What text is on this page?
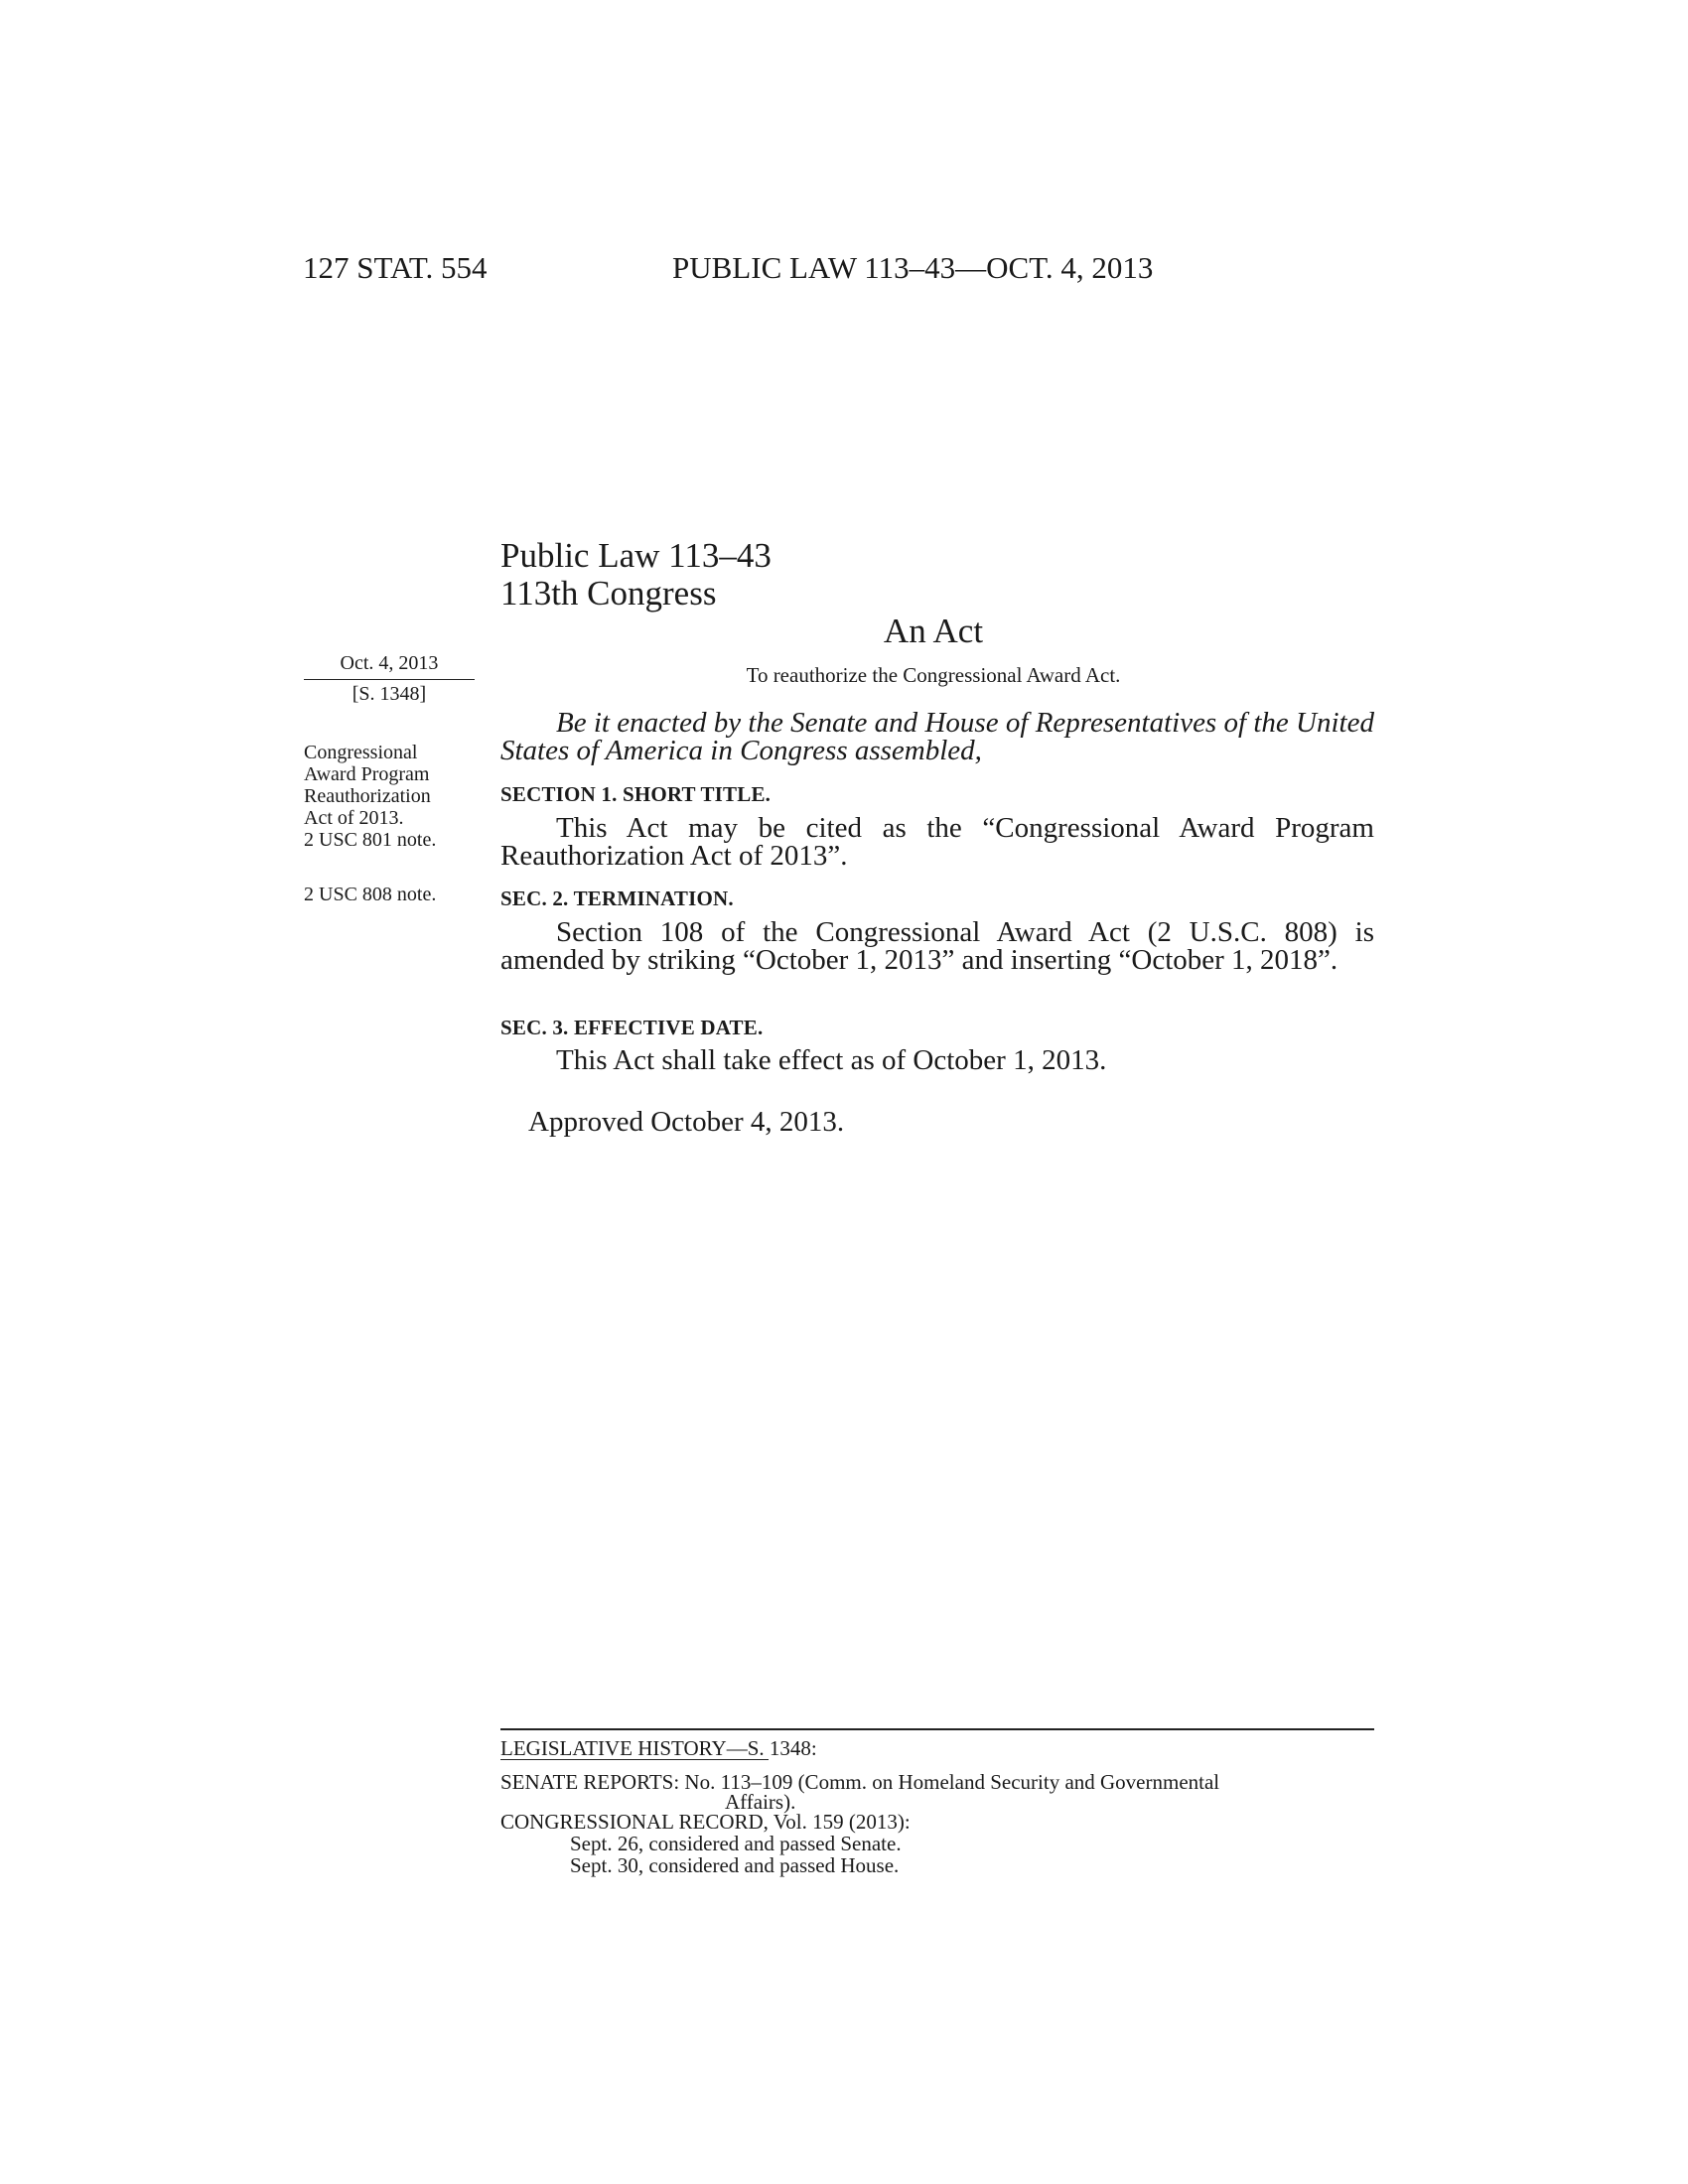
127 STAT. 554	PUBLIC LAW 113–43—OCT. 4, 2013
Public Law 113–43
113th Congress
An Act
To reauthorize the Congressional Award Act.
Oct. 4, 2013
[S. 1348]
Congressional
Award Program
Reauthorization
Act of 2013.
2 USC 801 note.
2 USC 808 note.
Be it enacted by the Senate and House of Representatives of the United States of America in Congress assembled,
SECTION 1. SHORT TITLE.
This Act may be cited as the “Congressional Award Program Reauthorization Act of 2013”.
SEC. 2. TERMINATION.
Section 108 of the Congressional Award Act (2 U.S.C. 808) is amended by striking “October 1, 2013” and inserting “October 1, 2018”.
SEC. 3. EFFECTIVE DATE.
This Act shall take effect as of October 1, 2013.
Approved October 4, 2013.
LEGISLATIVE HISTORY—S. 1348:
SENATE REPORTS: No. 113–109 (Comm. on Homeland Security and Governmental
Affairs).
CONGRESSIONAL RECORD, Vol. 159 (2013):
Sept. 26, considered and passed Senate.
Sept. 30, considered and passed House.
